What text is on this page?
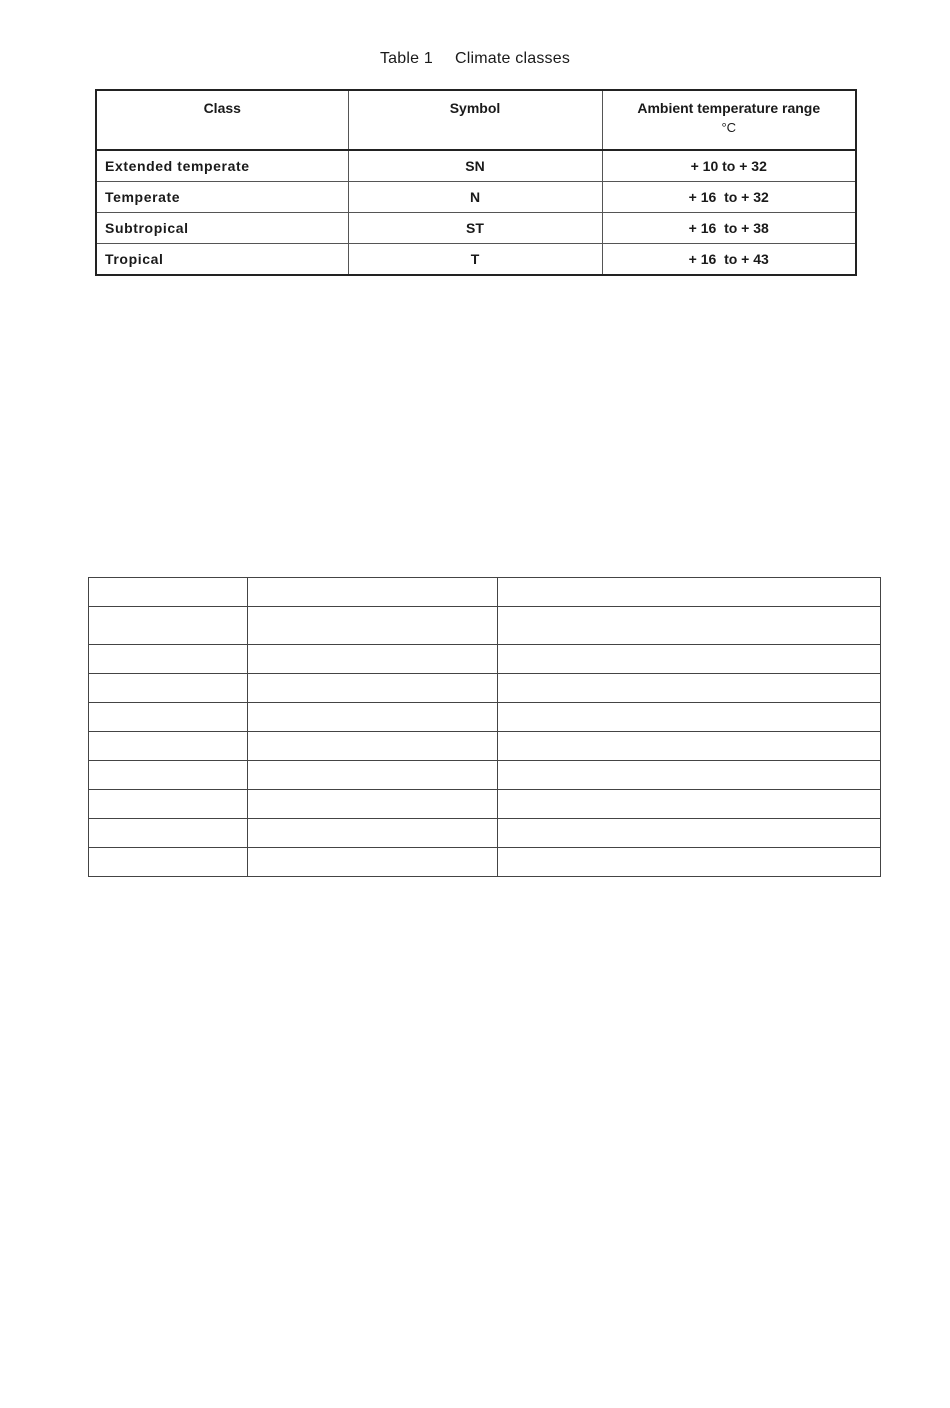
Table 1 Climate classes
Class	Symbol	Ambient temperature range
°C

Extended temperate	SN	+ 10 to + 32
Temperate	N	+ 16  to + 32
Subtropical	ST	+ 16  to + 38
Tropical	T	+ 16  to + 43
